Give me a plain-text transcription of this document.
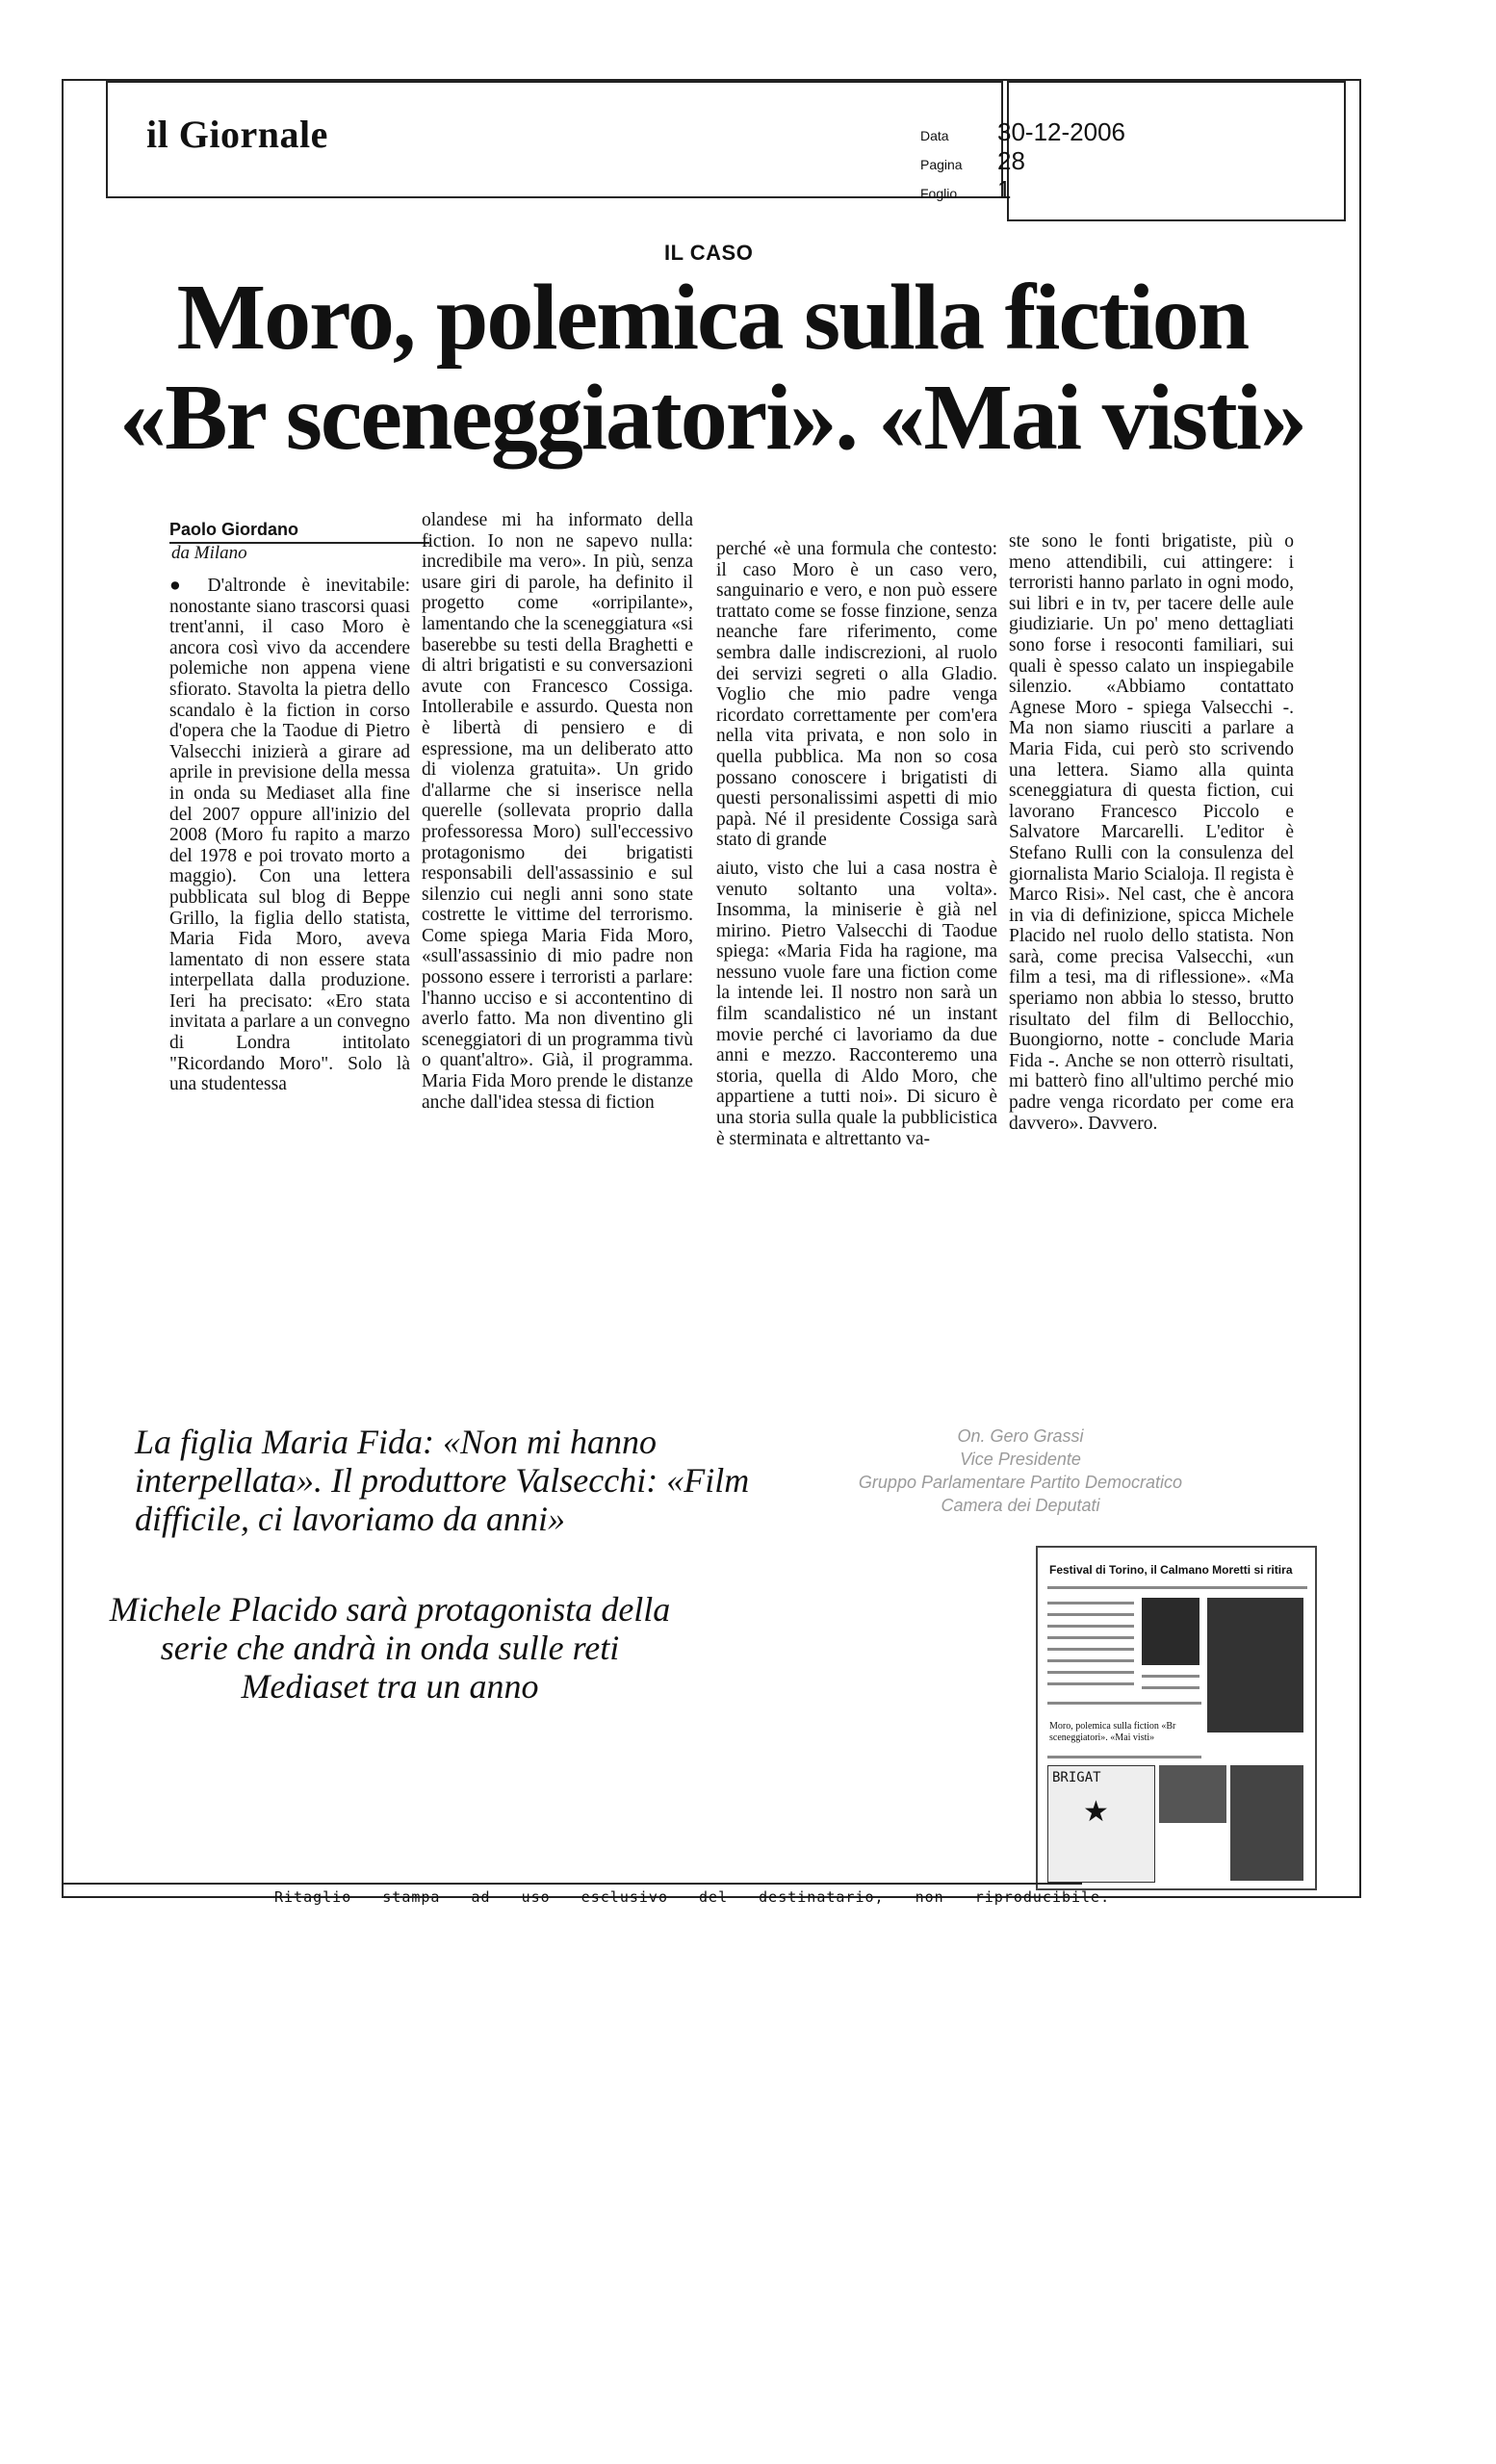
il Giornale	Data 30-12-2006
Pagina 28
Foglio 1
IL CASO
Moro, polemica sulla fiction
«Br sceneggiatori». «Mai visti»
Paolo Giordano
da Milano

● D'altronde è inevitabile: nonostante siano trascorsi quasi trent'anni, il caso Moro è ancora così vivo da accendere polemiche non appena viene sfiorato. Stavolta la pietra dello scandalo è la fiction in corso d'opera che la Taodue di Pietro Valsecchi inizierà a girare ad aprile in previsione della messa in onda su Mediaset alla fine del 2007 oppure all'inizio del 2008 (Moro fu rapito a marzo del 1978 e poi trovato morto a maggio). Con una lettera pubblicata sul blog di Beppe Grillo, la figlia dello statista, Maria Fida Moro, aveva lamentato di non essere stata interpellata dalla produzione. Ieri ha precisato: «Ero stata invitata a parlare a un convegno di Londra intitolato "Ricordando Moro". Solo là una studentessa

olandese mi ha informato della fiction. Io non ne sapevo nulla: incredibile ma vero». In più, senza usare giri di parole, ha definito il progetto come «orripilante», lamentando che la sceneggiatura «si baserebbe su testi della Braghetti e di altri brigatisti e su conversazioni avute con Francesco Cossiga. Intollerabile e assurdo. Questa non è libertà di pensiero e di espressione, ma un deliberato atto di violenza gratuita». Un grido d'allarme che si inserisce nella querelle (sollevata proprio dalla professoressa Moro) sull'eccessivo protagonismo dei brigatisti responsabili dell'assassinio e sul silenzio cui negli anni sono state costrette le vittime del terrorismo. Come spiega Maria Fida Moro, «sull'assassinio di mio padre non possono essere i terroristi a parlare: l'hanno ucciso e si accontentino di averlo fatto. Ma non diventino gli sceneggiatori di un programma tivù o quant'altro». Già, il programma. Maria Fida Moro prende le distanze anche dall'idea stessa di fiction

perché «è una formula che contesto: il caso Moro è un caso vero, sanguinario e vero, e non può essere trattato come se fosse finzione, senza neanche fare riferimento, come sembra dalle indiscrezioni, al ruolo dei servizi segreti o alla Gladio. Voglio che mio padre venga ricordato correttamente per com'era nella vita privata, e non solo in quella pubblica. Ma non so cosa possano conoscere i brigatisti di questi personalissimi aspetti di mio papà. Né il presidente Cossiga sarà stato di grande

aiuto, visto che lui a casa nostra è venuto soltanto una volta». Insomma, la miniserie è già nel mirino. Pietro Valsecchi di Taodue spiega: «Maria Fida ha ragione, ma nessuno vuole fare una fiction come la intende lei. Il nostro non sarà un film scandalistico né un instant movie perché ci lavoriamo da due anni e mezzo. Racconteremo una storia, quella di Aldo Moro, che appartiene a tutti noi». Di sicuro è una storia sulla quale la pubblicistica è sterminata e altrettanto va-

ste sono le fonti brigatiste, più o meno attendibili, cui attingere: i terroristi hanno parlato in ogni modo, sui libri e in tv, per tacere delle aule giudiziarie. Un po' meno dettagliati sono forse i resoconti familiari, sui quali è spesso calato un inspiegabile silenzio. «Abbiamo contattato Agnese Moro - spiega Valsecchi -. Ma non siamo riusciti a parlare a Maria Fida, cui però sto scrivendo una lettera. Siamo alla quinta sceneggiatura di questa fiction, cui lavorano Francesco Piccolo e Salvatore Marcarelli. L'editor è Stefano Rulli con la consulenza del giornalista Mario Scialoja. Il regista è Marco Risi». Nel cast, che è ancora in via di definizione, spicca Michele Placido nel ruolo dello statista. Non sarà, come precisa Valsecchi, «un film a tesi, ma di riflessione». «Ma speriamo non abbia lo stesso, brutto risultato del film di Bellocchio, Buongiorno, notte - conclude Maria Fida -. Anche se non otterrò risultati, mi batterò fino all'ultimo perché mio padre venga ricordato per come era davvero». Davvero.

La figlia Maria Fida: «Non mi hanno interpellata». Il produttore Valsecchi: «Film difficile, ci lavoriamo da anni»
Michele Placido sarà protagonista della serie che andrà in onda sulle reti Mediaset tra un anno
On. Gero Grassi
Vice Presidente
Gruppo Parlamentare Partito Democratico
Camera dei Deputati
Festival di Torino, il Calmano Moretti si ritira
Moro, polemica sulla fiction «Br sceneggiatori». «Mai visti»
BRIGAT
★
Ritaglio stampa ad uso esclusivo del destinatario, non riproducibile.
